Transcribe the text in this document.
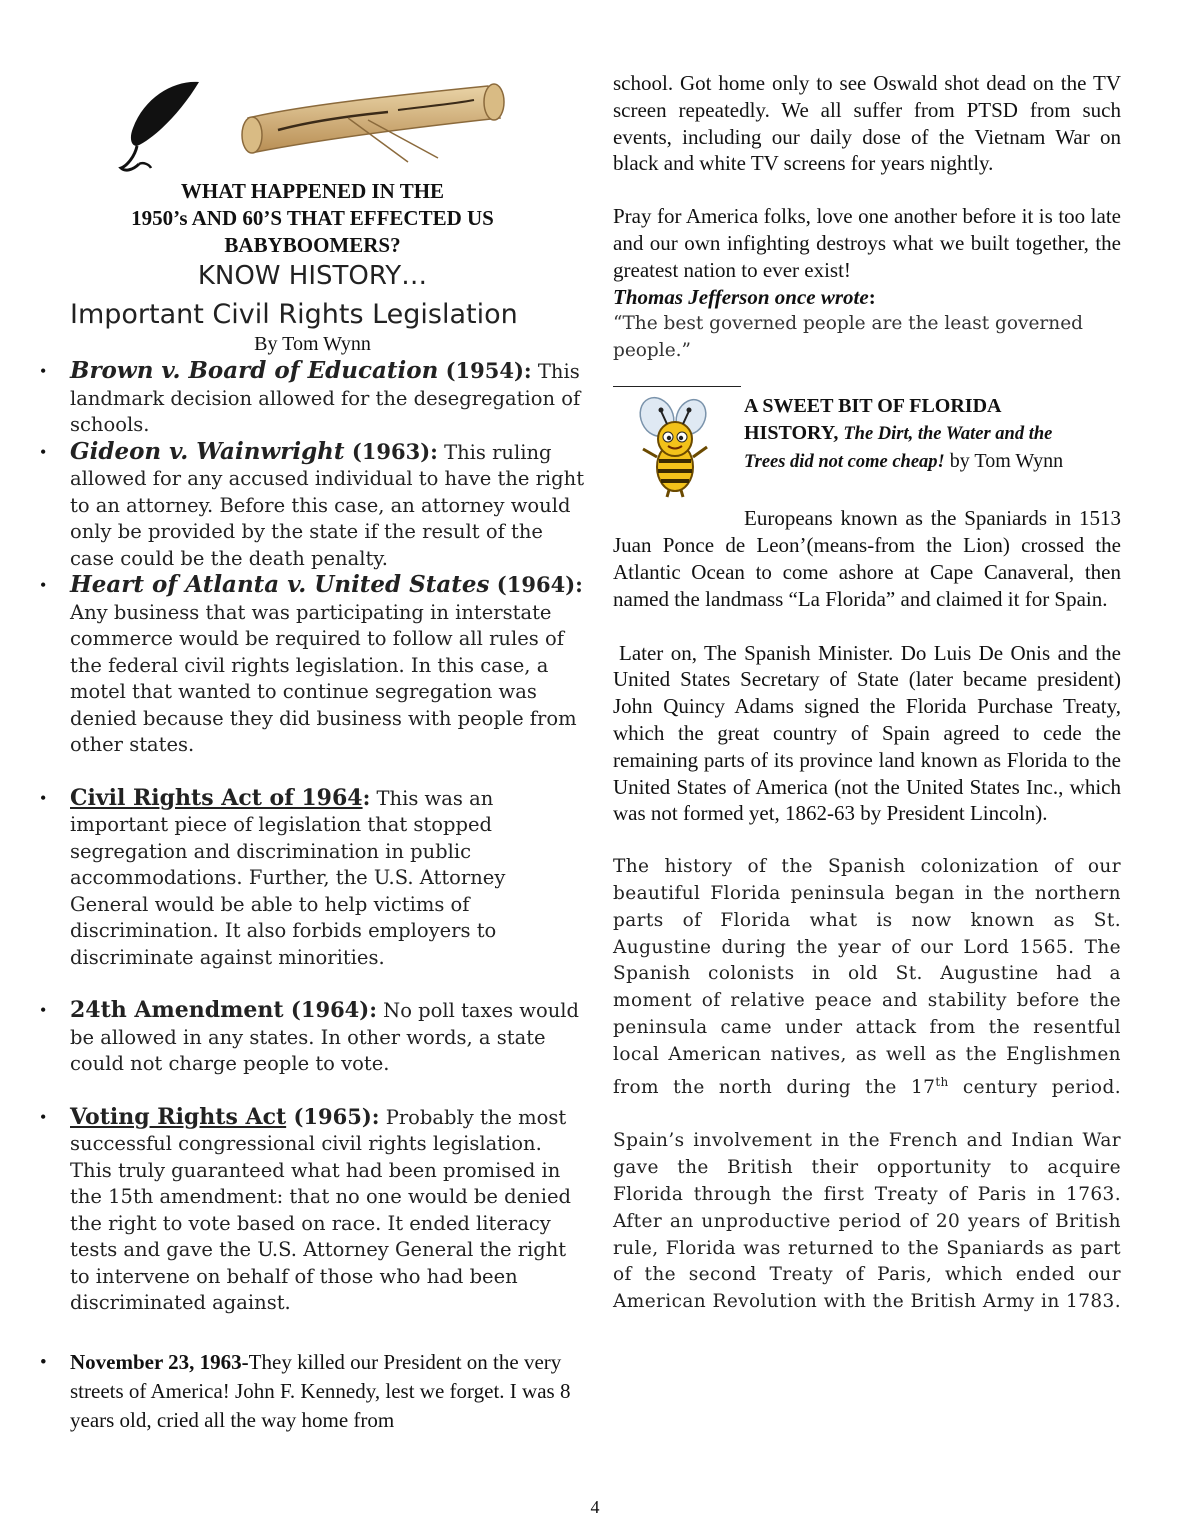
WHAT HAPPENED IN THE

1950’s AND 60’S THAT EFFECTED US

BABYBOOMERS?

KNOW HISTORY…

Important Civil Rights Legislation

By Tom Wynn

• Brown v. Board of Education (1954): This landmark decision allowed for the desegregation of schools.
• Gideon v. Wainwright (1963): This ruling allowed for any accused individual to have the right to an attorney. Before this case, an attorney would only be provided by the state if the result of the case could be the death penalty.
• Heart of Atlanta v. United States (1964): Any business that was participating in interstate commerce would be required to follow all rules of the federal civil rights legislation. In this case, a motel that wanted to continue segregation was denied because they did business with people from other states.
• Civil Rights Act of 1964: This was an important piece of legislation that stopped segregation and discrimination in public accommodations. Further, the U.S. Attorney General would be able to help victims of discrimination. It also forbids employers to discriminate against minorities.
• 24th Amendment (1964): No poll taxes would be allowed in any states. In other words, a state could not charge people to vote.
• Voting Rights Act (1965): Probably the most successful congressional civil rights legislation. This truly guaranteed what had been promised in the 15th amendment: that no one would be denied the right to vote based on race. It ended literacy tests and gave the U.S. Attorney General the right to intervene on behalf of those who had been discriminated against.

• November 23, 1963-They killed our President on the very streets of America! John F. Kennedy, lest we forget. I was 8 years old, cried all the way home from

school. Got home only to see Oswald shot dead on the TV screen repeatedly. We all suffer from PTSD from such events, including our daily dose of the Vietnam War on black and white TV screens for years nightly.

Pray for America folks, love one another before it is too late and our own infighting destroys what we built together, the greatest nation to ever exist!

Thomas Jefferson once wrote:

“The best governed people are the least governed people.”

A SWEET BIT OF FLORIDA
HISTORY, The Dirt, the Water and the
Trees did not come cheap! by Tom Wynn

Europeans known as the Spaniards in 1513 Juan Ponce de Leon’(means-from the Lion) crossed the Atlantic Ocean to come ashore at Cape Canaveral, then named the landmass “La Florida” and claimed it for Spain.

Later on, The Spanish Minister. Do Luis De Onis and the United States Secretary of State (later became president) John Quincy Adams signed the Florida Purchase Treaty, which the great country of Spain agreed to cede the remaining parts of its province land known as Florida to the United States of America (not the United States Inc., which was not formed yet, 1862-63 by President Lincoln).

The history of the Spanish colonization of our beautiful Florida peninsula began in the northern parts of Florida what is now known as St. Augustine during the year of our Lord 1565. The Spanish colonists in old St. Augustine had a moment of relative peace and stability before the peninsula came under attack from the resentful local American natives, as well as the Englishmen from the north during the 17th century period.

Spain’s involvement in the French and Indian War gave the British their opportunity to acquire Florida through the first Treaty of Paris in 1763. After an unproductive period of 20 years of British rule, Florida was returned to the Spaniards as part of the second Treaty of Paris, which ended our American Revolution with the British Army in 1783.

4
